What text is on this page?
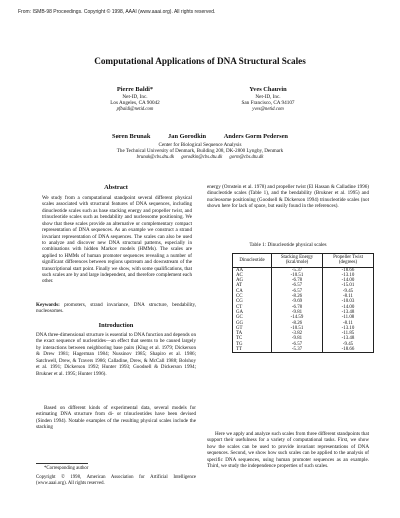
From: ISMB-98 Proceedings. Copyright © 1998, AAAI (www.aaai.org). All rights reserved.
Computational Applications of DNA Structural Scales
Pierre Baldi*
Net-ID, Inc.
Los Angeles, CA 90042
pfbaldi@netid.com
Yves Chauvin
Net-ID, Inc.
San Francisco, CA 94107
yves@netid.com
Søren Brunak	Jan Gorodkin	Anders Gorm Pedersen
Center for Biological Sequence Analysis
The Technical University of Denmark, Building 208, DK-2800 Lyngby, Denmark
brunak@cbs.dtu.dk gorodkin@cbs.dtu.dk gorm@cbs.dtu.dk
Abstract

We study from a computational standpoint several different physical scales associated with structural features of DNA sequences, including dinucleotide scales such as base stacking energy and propeller twist, and trinucleotide scales such as bendability and nucleosome positioning. We show that these scales provide an alternative or complementary compact representation of DNA sequences. As an example we construct a strand invariant representation of DNA sequences. The scales can also be used to analyze and discover new DNA structural patterns, especially in combinations with hidden Markov models (HMMs). The scales are applied to HMMs of human promoter sequences revealing a number of significant differences between regions upstream and downstream of the transcriptional start point. Finally we show, with some qualifications, that such scales are by and large independent, and therefore complement each other.

Keywords: promoters, strand invariance, DNA structure, bendability, nucleosomes.
Introduction

DNA three-dimensional structure is essential to DNA function and depends on the exact sequence of nucleotides—an effect that seems to be caused largely by interactions between neighboring base pairs (Klug et al. 1979; Dickerson & Drew 1981; Hagerman 1984; Nussinov 1985; Shapiro et al. 1986; Satchwell, Drew, & Travers 1986; Calladine, Drew, & McCall 1988; Bolshoy et al. 1991; Dickerson 1992; Hunter 1993; Goodsell & Dickerson 1994; Brukner et al. 1995; Hunter 1996).

Based on different kinds of experimental data, several models for estimating DNA structure from di- or trinucleotides have been devised (Sinden 1994). Notable examples of the resulting physical scales include the stacking

*Corresponding author
Copyright © 1998, American Association for Artificial Intelligence (www.aaai.org). All rights reserved.

energy (Ornstein et al. 1978) and propeller twist (El Hassan & Calladine 1996) dinucleotide scales (Table 1), and the bendability (Brukner et al. 1995) and nucleosome positioning (Goodsell & Dickerson 1994) trinucleotide scales (not shown here for lack of space, but easily found in the references).

Table 1: Dinucleotide physical scales
Dinucleotide	Stacking Energy
(kcal/mole)	Propeller Twist
(degrees)
AA	-5.37	-18.66
AC	-10.51	-13.10
AG	-6.78	-14.00
AT	-6.57	-15.01
CA	-6.57	-9.45
CC	-8.26	-8.11
CG	-9.69	-10.03
CT	-6.78	-14.00
GA	-9.81	-13.48
GC	-14.59	-11.08
GG	-8.26	-8.11
GT	-10.51	-13.10
TA	-3.82	-11.85
TC	-9.81	-13.48
TG	-6.57	-9.45
TT	-5.37	-18.66

Here we apply and analyze such scales from three different standpoints that support their usefulness for a variety of computational tasks. First, we show how the scales can be used to provide invariant representations of DNA sequences. Second, we show how such scales can be applied to the analysis of specific DNA sequences, using human promoter sequences as an example. Third, we study the independence properties of such scales.
